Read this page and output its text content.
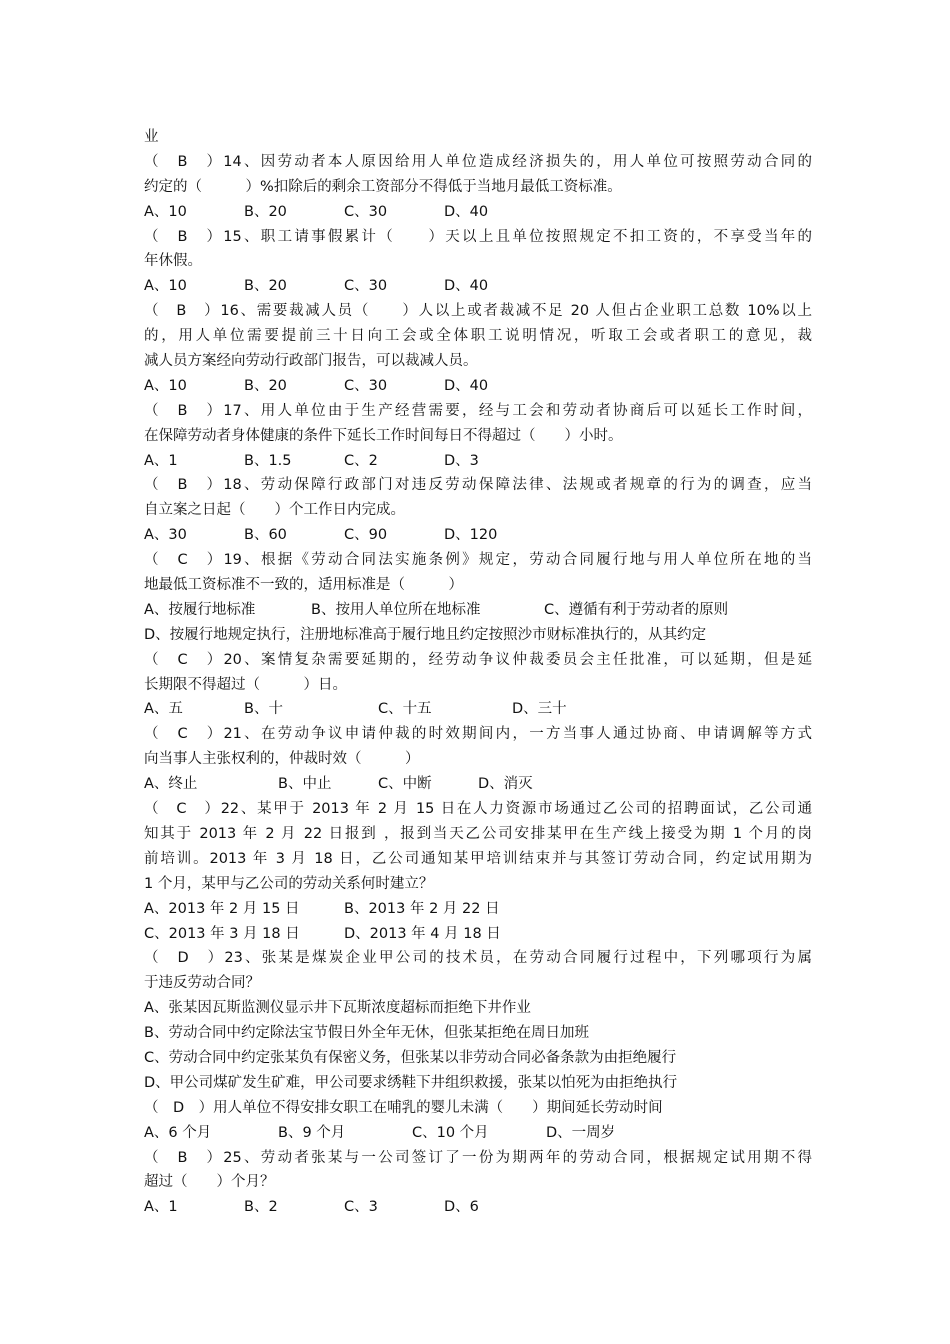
业
（　B　）14、因劳动者本人原因给用人单位造成经济损失的，用人单位可按照劳动合同的
约定的（　　　）%扣除后的剩余工资部分不得低于当地月最低工资标准。
A、10	B、20	C、30	D、40
（　B　）15、职工请事假累计（　　）天以上且单位按照规定不扣工资的，不享受当年的
年休假。
A、10	B、20	C、30	D、40
（　B　）16、需要裁减人员（　　）人以上或者裁减不足 20 人但占企业职工总数 10%以上
的，用人单位需要提前三十日向工会或全体职工说明情况，听取工会或者职工的意见，裁
减人员方案经向劳动行政部门报告，可以裁减人员。
A、10	B、20	C、30	D、40
（　B　）17、用人单位由于生产经营需要，经与工会和劳动者协商后可以延长工作时间，
在保障劳动者身体健康的条件下延长工作时间每日不得超过（　　）小时。
A、1	B、1.5	C、2	D、3
（　B　）18、劳动保障行政部门对违反劳动保障法律、法规或者规章的行为的调查，应当
自立案之日起（　　）个工作日内完成。
A、30	B、60	C、90	D、120
（　C　）19、根据《劳动合同法实施条例》规定，劳动合同履行地与用人单位所在地的当
地最低工资标准不一致的，适用标准是（　　　）
A、按履行地标准	B、按用人单位所在地标准	C、遵循有利于劳动者的原则
D、按履行地规定执行，注册地标准高于履行地且约定按照沙市财标准执行的，从其约定
（　C　）20、案情复杂需要延期的，经劳动争议仲裁委员会主任批准，可以延期，但是延
长期限不得超过（　　　）日。
A、五	B、十	C、十五	D、三十
（　C　）21、在劳动争议申请仲裁的时效期间内，一方当事人通过协商、申请调解等方式
向当事人主张权利的，仲裁时效（　　　）
A、终止	B、中止	C、中断	D、消灭
（　C　）22、某甲于 2013 年 2 月 15 日在人力资源市场通过乙公司的招聘面试，乙公司通
知其于 2013 年 2 月 22 日报到 ，报到当天乙公司安排某甲在生产线上接受为期 1 个月的岗
前培训。2013 年 3 月 18 日，乙公司通知某甲培训结束并与其签订劳动合同，约定试用期为
1 个月，某甲与乙公司的劳动关系何时建立？
A、2013 年 2 月 15 日	B、2013 年 2 月 22 日
C、2013 年 3 月 18 日	D、2013 年 4 月 18 日
（　D　）23、张某是煤炭企业甲公司的技术员，在劳动合同履行过程中，下列哪项行为属
于违反劳动合同？
A、张某因瓦斯监测仪显示井下瓦斯浓度超标而拒绝下井作业
B、劳动合同中约定除法宝节假日外全年无休，但张某拒绝在周日加班
C、劳动合同中约定张某负有保密义务，但张某以非劳动合同必备条款为由拒绝履行
D、甲公司煤矿发生矿难，甲公司要求绣鞋下井组织救援，张某以怕死为由拒绝执行
（　D　）用人单位不得安排女职工在哺乳的婴儿未满（　　）期间延长劳动时间
A、6 个月	B、9 个月	C、10 个月	D、一周岁
（　B　）25、劳动者张某与一公司签订了一份为期两年的劳动合同，根据规定试用期不得
超过（　　）个月？
A、1	B、2	C、3	D、6
